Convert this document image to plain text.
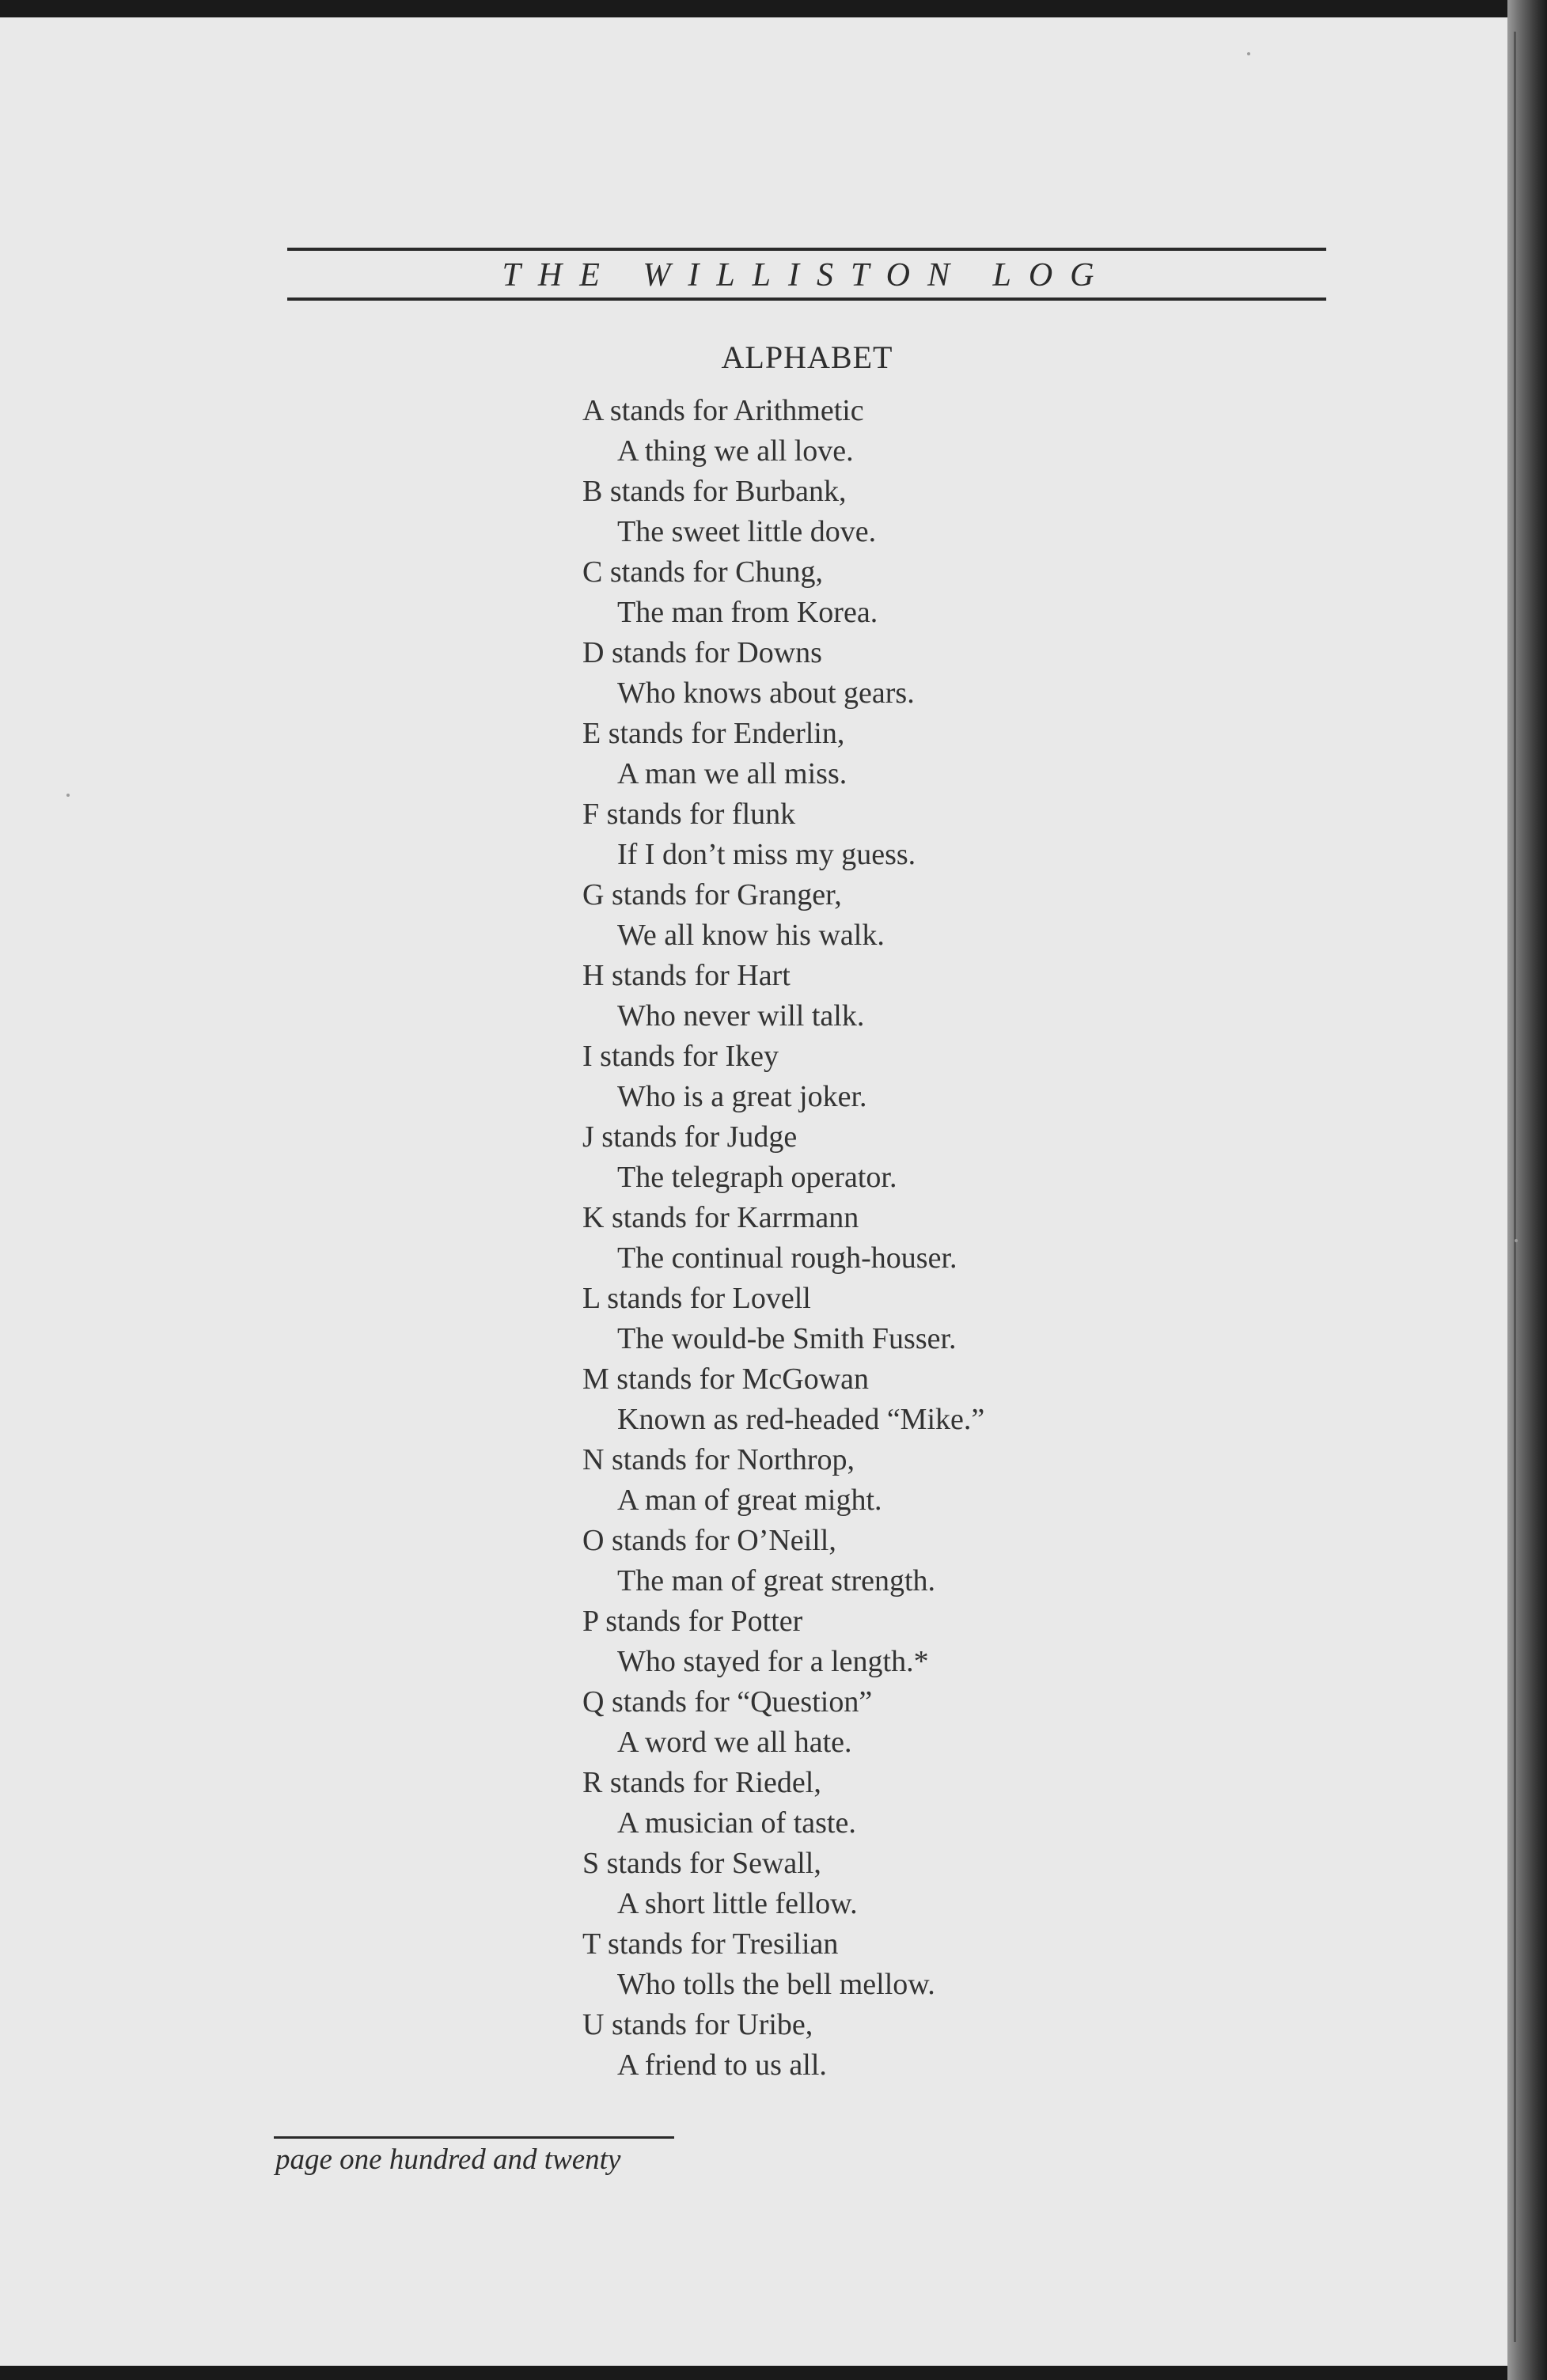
THE WILLISTON LOG
ALPHABET
A stands for Arithmetic
A thing we all love.
B stands for Burbank,
The sweet little dove.
C stands for Chung,
The man from Korea.
D stands for Downs
Who knows about gears.
E stands for Enderlin,
A man we all miss.
F stands for flunk
If I don’t miss my guess.
G stands for Granger,
We all know his walk.
H stands for Hart
Who never will talk.
I stands for Ikey
Who is a great joker.
J stands for Judge
The telegraph operator.
K stands for Karrmann
The continual rough-houser.
L stands for Lovell
The would-be Smith Fusser.
M stands for McGowan
Known as red-headed “Mike.”
N stands for Northrop,
A man of great might.
O stands for O’Neill,
The man of great strength.
P stands for Potter
Who stayed for a length.*
Q stands for “Question”
A word we all hate.
R stands for Riedel,
A musician of taste.
S stands for Sewall,
A short little fellow.
T stands for Tresilian
Who tolls the bell mellow.
U stands for Uribe,
A friend to us all.
page one hundred and twenty
